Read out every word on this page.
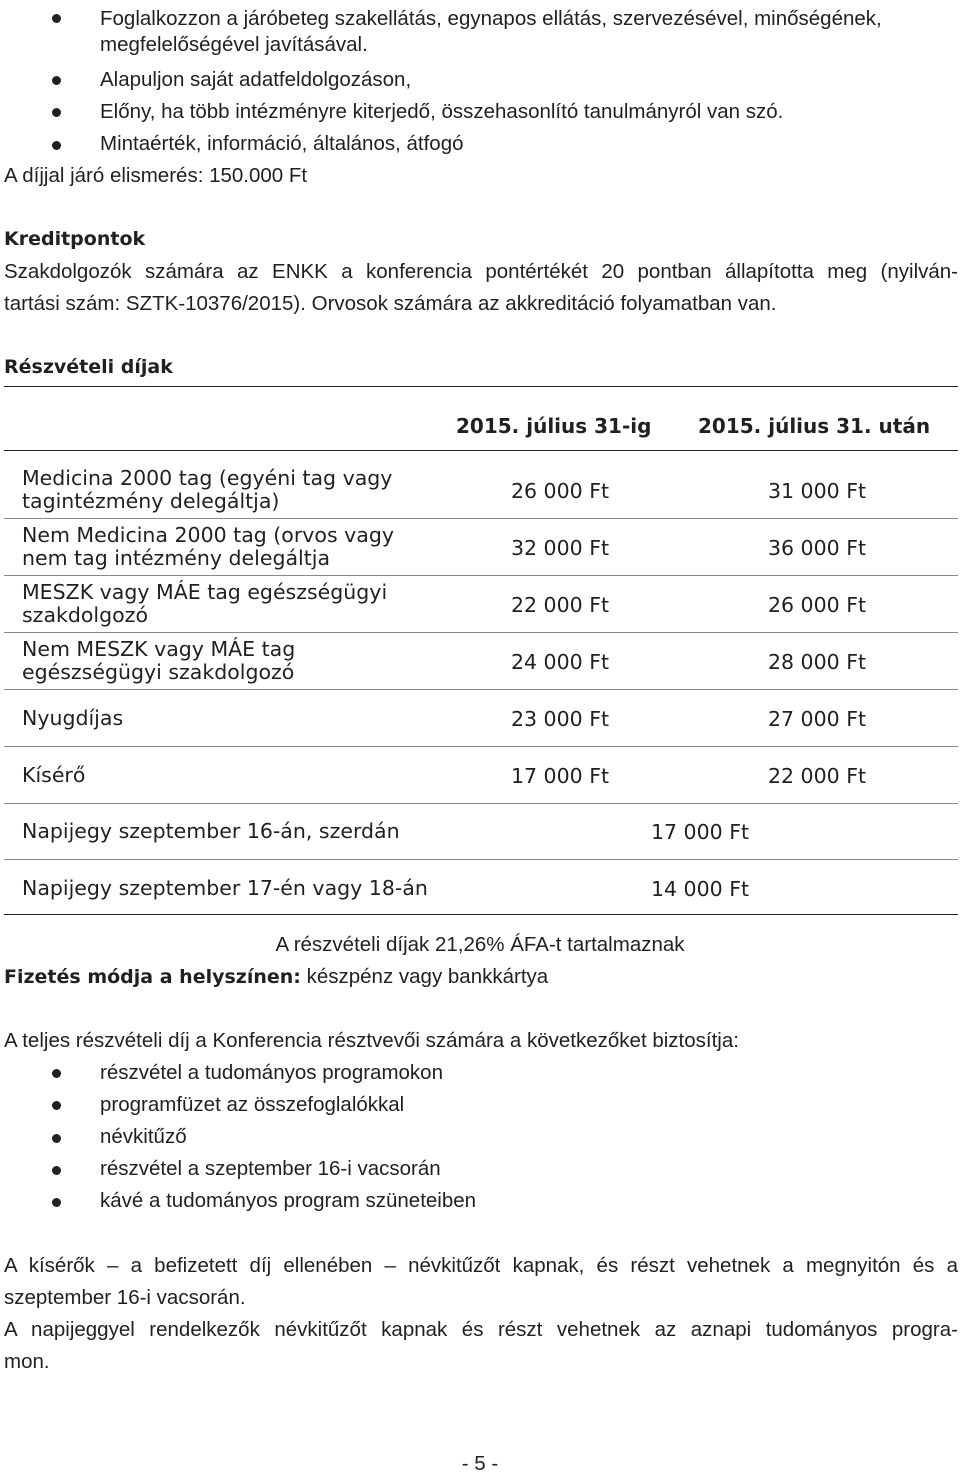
Foglalkozzon a járóbeteg szakellátás, egynapos ellátás, szervezésével, minőségének,
megfelelőségével javításával.
Alapuljon saját adatfeldolgozáson,
Előny, ha több intézményre kiterjedő, összehasonlító tanulmányról van szó.
Mintaérték, információ, általános, átfogó
A díjjal járó elismerés: 150.000 Ft
Kreditpontok
Szakdolgozók számára az ENKK a konferencia pontértékét 20 pontban állapította meg (nyilván-
tartási szám: SZTK-10376/2015). Orvosok számára az akkreditáció folyamatban van.
Részvételi díjak
2015. július 31-ig 2015. július 31. után
Medicina 2000 tag (egyéni tag vagy
tagintézmény delegáltja)	26 000 Ft	31 000 Ft
Nem Medicina 2000 tag (orvos vagy
nem tag intézmény delegáltja	32 000 Ft	36 000 Ft
MESZK vagy MÁE tag egészségügyi
szakdolgozó	22 000 Ft	26 000 Ft
Nem MESZK vagy MÁE tag
egészségügyi szakdolgozó	24 000 Ft	28 000 Ft
Nyugdíjas	23 000 Ft	27 000 Ft
Kísérő	17 000 Ft	22 000 Ft
Napijegy szeptember 16-án, szerdán	17 000 Ft
Napijegy szeptember 17-én vagy 18-án	14 000 Ft
A részvételi díjak 21,26% ÁFA-t tartalmaznak
Fizetés módja a helyszínen: készpénz vagy bankkártya
A teljes részvételi díj a Konferencia résztvevői számára a következőket biztosítja:
részvétel a tudományos programokon
programfüzet az összefoglalókkal
névkitűző
részvétel a szeptember 16-i vacsorán
kávé a tudományos program szüneteiben
A kísérők – a befizetett díj ellenében – névkitűzőt kapnak, és részt vehetnek a megnyitón és a
szeptember 16-i vacsorán.
A napijeggyel rendelkezők névkitűzőt kapnak és részt vehetnek az aznapi tudományos progra-
mon.
- 5 -
